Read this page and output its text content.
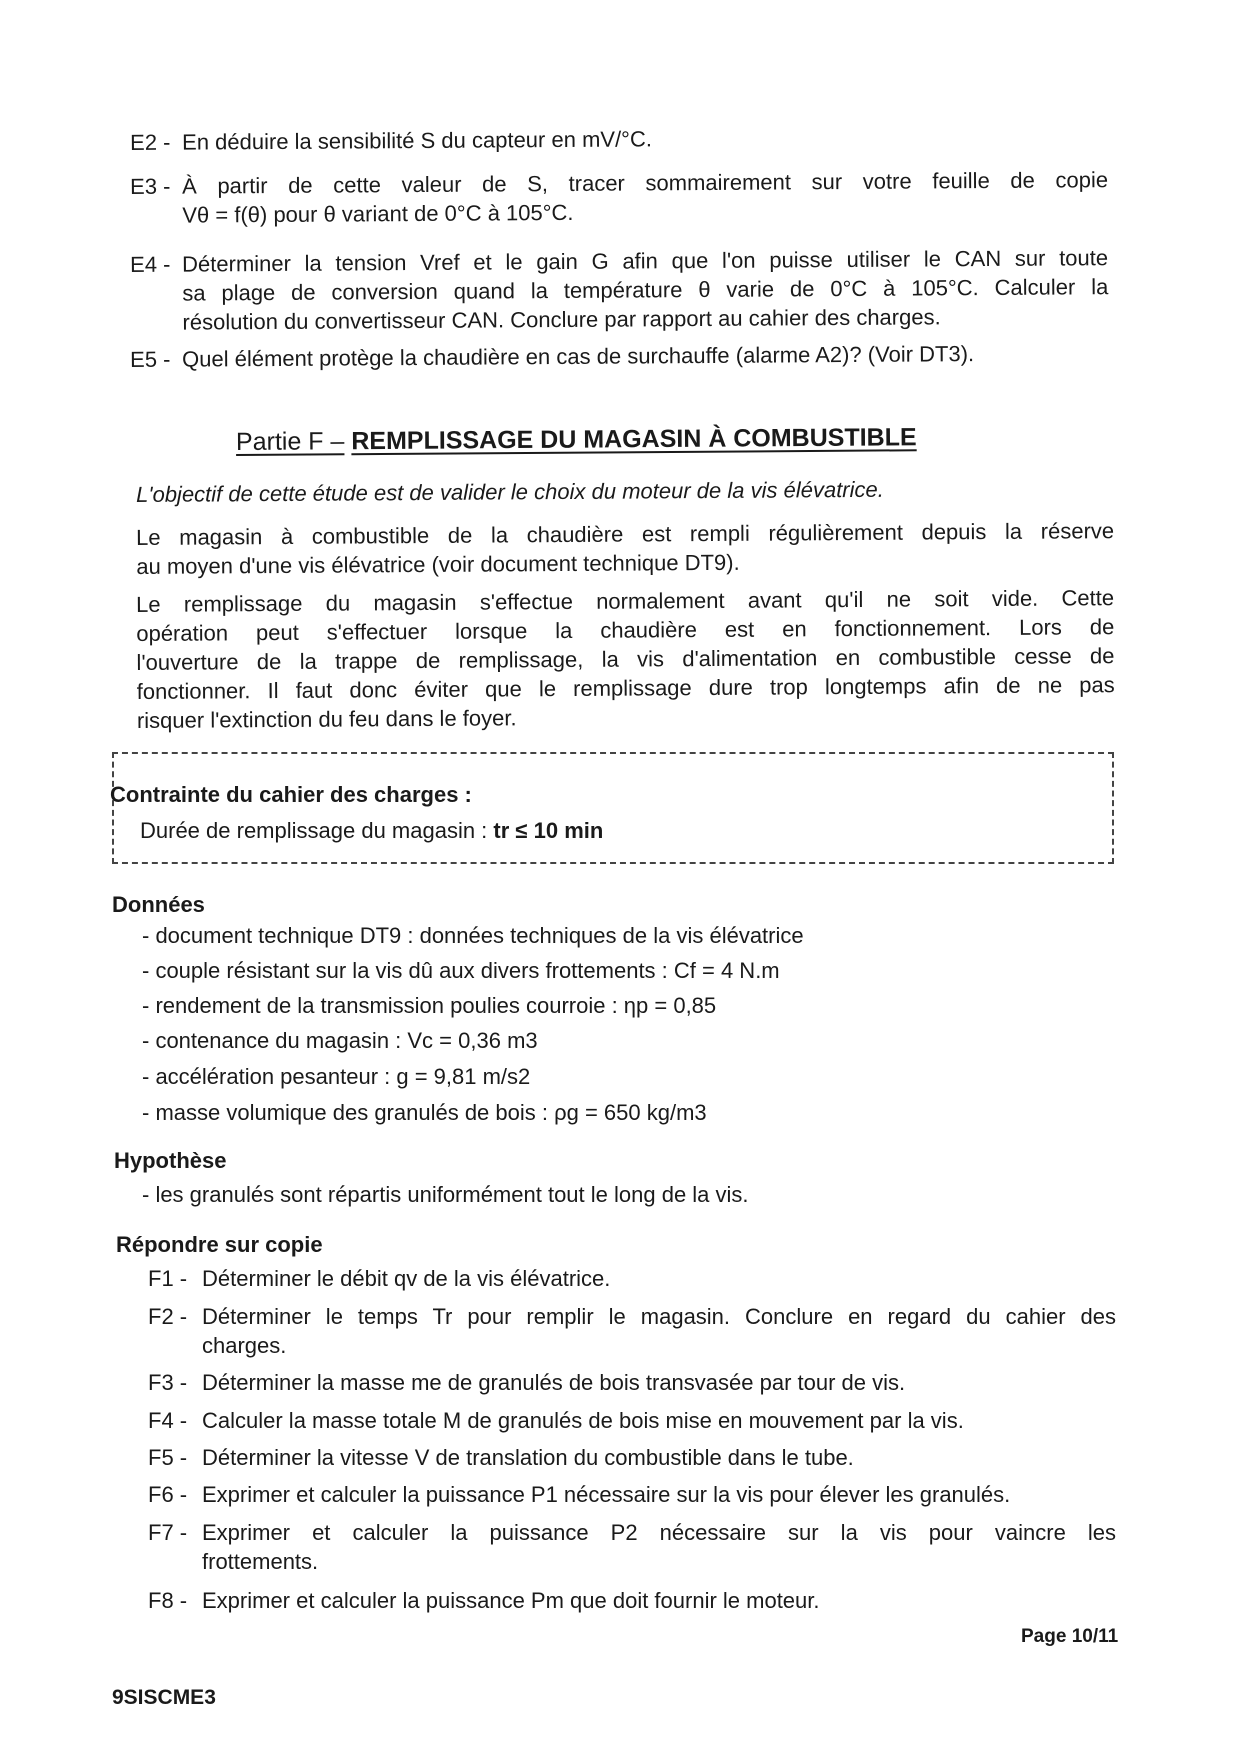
E2 - En déduire la sensibilité S du capteur en mV/°C.
E3 - À partir de cette valeur de S, tracer sommairement sur votre feuille de copie
Vθ = f(θ) pour θ variant de 0°C à 105°C.
E4 - Déterminer la tension Vref et le gain G afin que l'on puisse utiliser le CAN sur toute
sa plage de conversion quand la température θ varie de 0°C à 105°C. Calculer la
résolution du convertisseur CAN. Conclure par rapport au cahier des charges.
E5 - Quel élément protège la chaudière en cas de surchauffe (alarme A2)? (Voir DT3).
Partie F – REMPLISSAGE DU MAGASIN À COMBUSTIBLE
L'objectif de cette étude est de valider le choix du moteur de la vis élévatrice.
Le magasin à combustible de la chaudière est rempli régulièrement depuis la réserve
au moyen d'une vis élévatrice (voir document technique DT9).
Le remplissage du magasin s'effectue normalement avant qu'il ne soit vide. Cette
opération peut s'effectuer lorsque la chaudière est en fonctionnement. Lors de
l'ouverture de la trappe de remplissage, la vis d'alimentation en combustible cesse de
fonctionner. Il faut donc éviter que le remplissage dure trop longtemps afin de ne pas
risquer l'extinction du feu dans le foyer.
Contrainte du cahier des charges :
Durée de remplissage du magasin : tr ≤ 10 min
Données
- document technique DT9 : données techniques de la vis élévatrice
- couple résistant sur la vis dû aux divers frottements : Cf = 4 N.m
- rendement de la transmission poulies courroie : ηp = 0,85
- contenance du magasin : Vc = 0,36 m3
- accélération pesanteur : g = 9,81 m/s2
- masse volumique des granulés de bois : ρg = 650 kg/m3
Hypothèse
- les granulés sont répartis uniformément tout le long de la vis.
Répondre sur copie
F1 - Déterminer le débit qv de la vis élévatrice.
F2 - Déterminer le temps Tr pour remplir le magasin. Conclure en regard du cahier des
charges.
F3 - Déterminer la masse me de granulés de bois transvasée par tour de vis.
F4 - Calculer la masse totale M de granulés de bois mise en mouvement par la vis.
F5 - Déterminer la vitesse V de translation du combustible dans le tube.
F6 - Exprimer et calculer la puissance P1 nécessaire sur la vis pour élever les granulés.
F7 - Exprimer et calculer la puissance P2 nécessaire sur la vis pour vaincre les
frottements.
F8 - Exprimer et calculer la puissance Pm que doit fournir le moteur.
Page 10/11
9SISCME3
